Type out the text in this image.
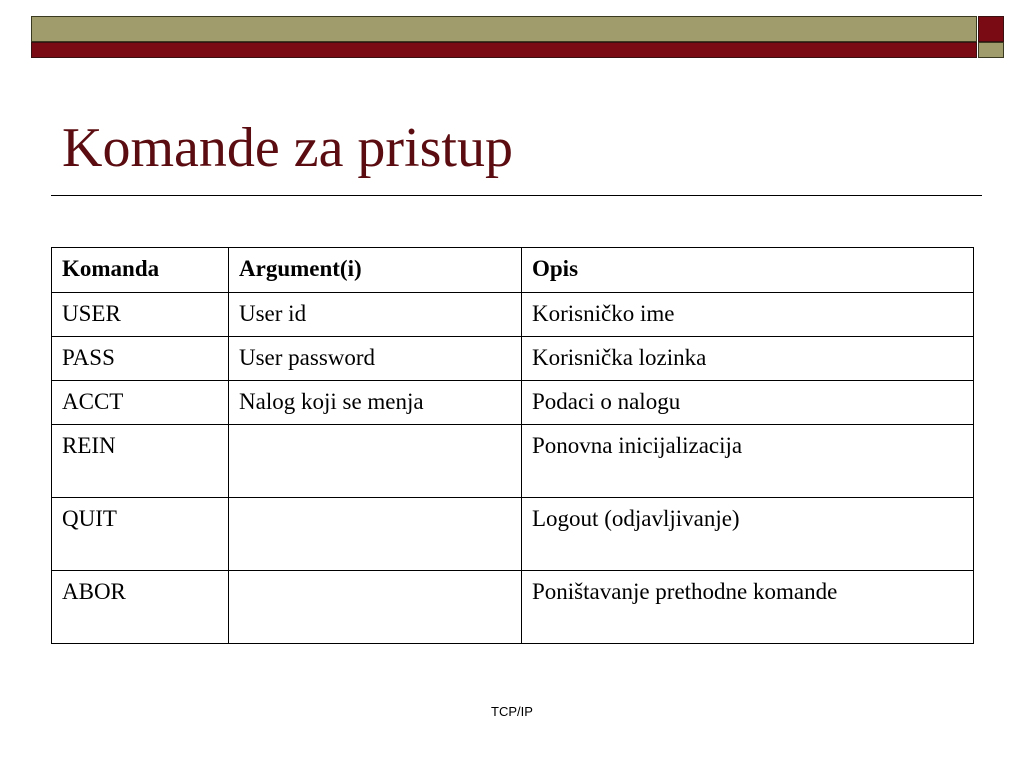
Komande za pristup
Komanda	Argument(i)	Opis
USER	User id	Korisničko ime
PASS	User password	Korisnička lozinka
ACCT	Nalog koji se menja	Podaci o nalogu
REIN		Ponovna inicijalizacija
QUIT		Logout (odjavljivanje)
ABOR		Poništavanje prethodne komande
TCP/IP
